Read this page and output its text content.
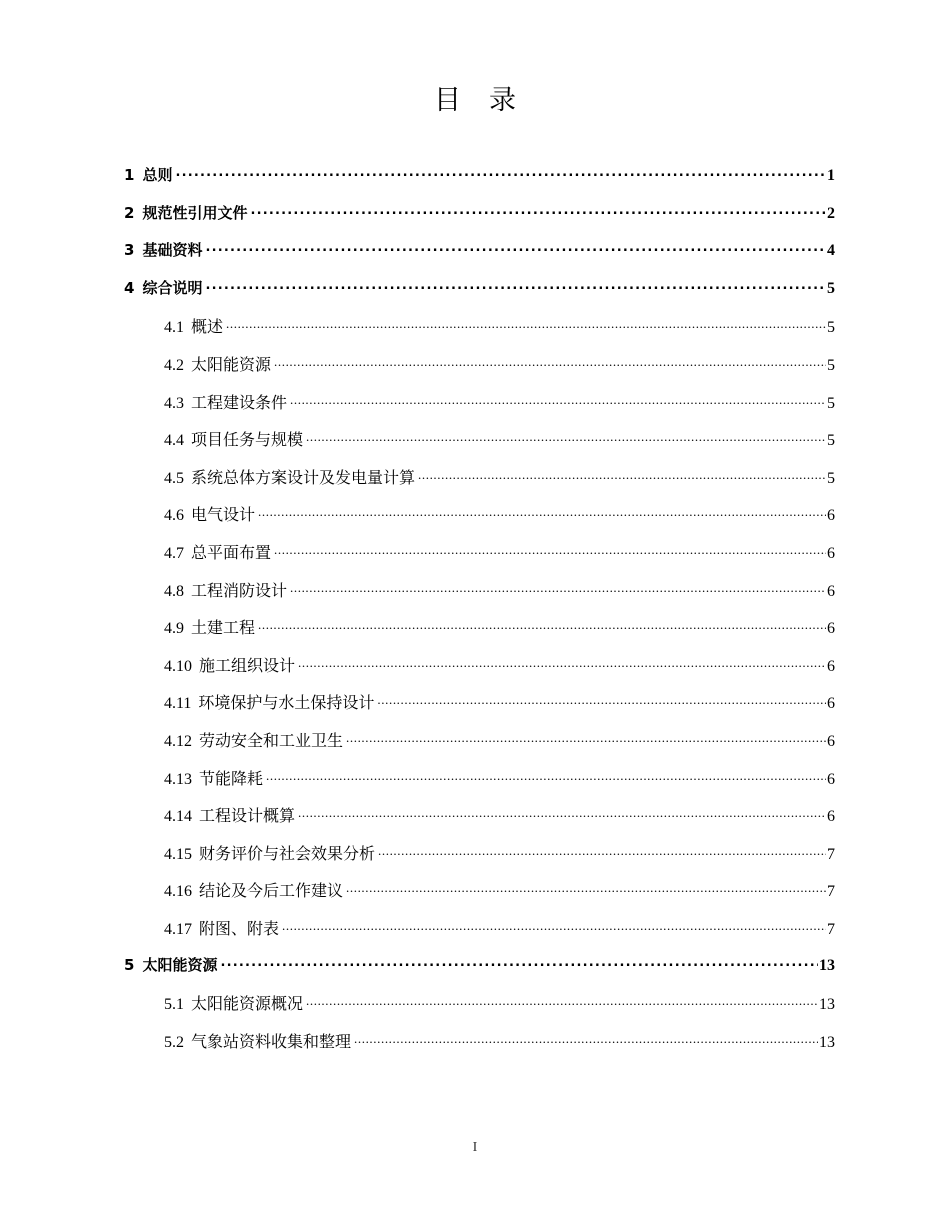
目录
1 总则 .....	1
2 规范性引用文件 .....	2
3 基础资料 .....	4
4 综合说明 .....	5
4.1 概述 .....	5
4.2 太阳能资源 .....	5
4.3 工程建设条件 .....	5
4.4 项目任务与规模 .....	5
4.5 系统总体方案设计及发电量计算 .....	5
4.6 电气设计 .....	6
4.7 总平面布置 .....	6
4.8 工程消防设计 .....	6
4.9 土建工程 .....	6
4.10 施工组织设计 .....	6
4.11 环境保护与水土保持设计 .....	6
4.12 劳动安全和工业卫生 .....	6
4.13 节能降耗 .....	6
4.14 工程设计概算 .....	6
4.15 财务评价与社会效果分析 .....	7
4.16 结论及今后工作建议 .....	7
4.17 附图、附表 .....	7
5 太阳能资源 .....	13
5.1 太阳能资源概况 .....	13
5.2 气象站资料收集和整理 .....	13
I
